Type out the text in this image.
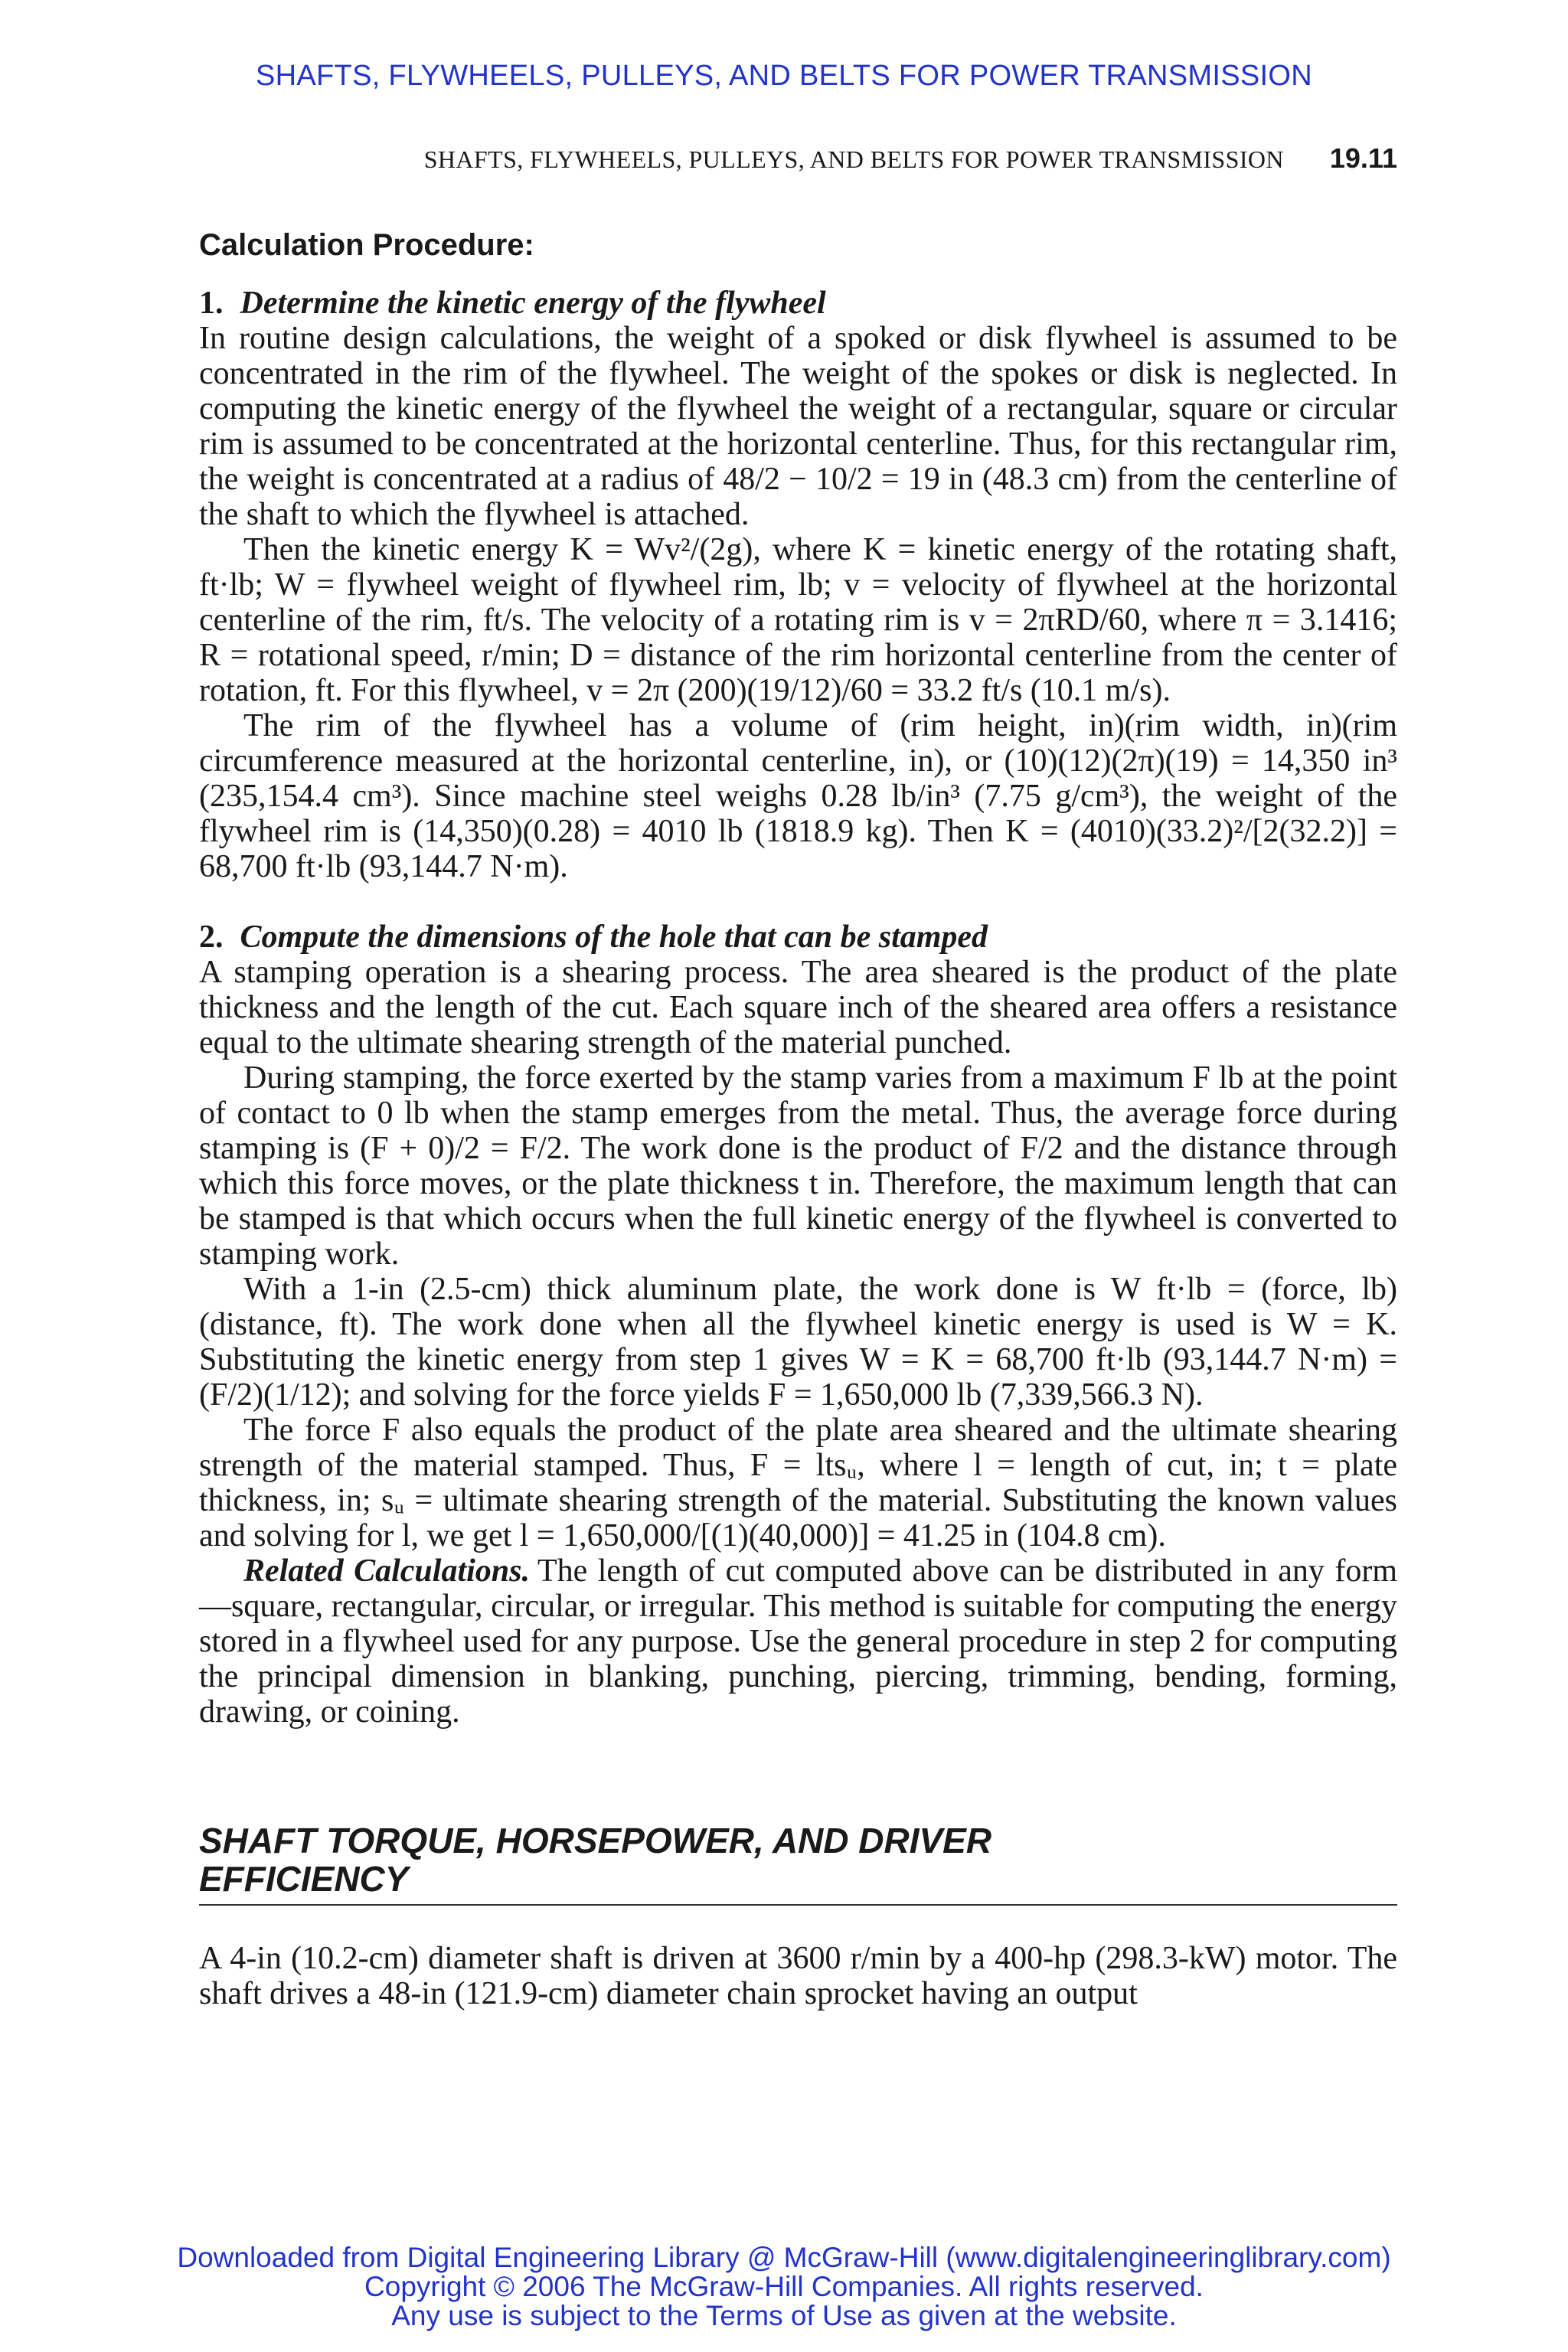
SHAFTS, FLYWHEELS, PULLEYS, AND BELTS FOR POWER TRANSMISSION
SHAFTS, FLYWHEELS, PULLEYS, AND BELTS FOR POWER TRANSMISSION 19.11
Calculation Procedure:
1. Determine the kinetic energy of the flywheel

In routine design calculations, the weight of a spoked or disk flywheel is assumed to be concentrated in the rim of the flywheel. The weight of the spokes or disk is neglected. In computing the kinetic energy of the flywheel the weight of a rectangular, square or circular rim is assumed to be concentrated at the horizontal centerline. Thus, for this rectangular rim, the weight is concentrated at a radius of 48/2 − 10/2 = 19 in (48.3 cm) from the centerline of the shaft to which the flywheel is attached.

Then the kinetic energy K = Wv²/(2g), where K = kinetic energy of the rotating shaft, ft·lb; W = flywheel weight of flywheel rim, lb; v = velocity of flywheel at the horizontal centerline of the rim, ft/s. The velocity of a rotating rim is v = 2πRD/60, where π = 3.1416; R = rotational speed, r/min; D = distance of the rim horizontal centerline from the center of rotation, ft. For this flywheel, v = 2π (200)(19/12)/60 = 33.2 ft/s (10.1 m/s).

The rim of the flywheel has a volume of (rim height, in)(rim width, in)(rim circumference measured at the horizontal centerline, in), or (10)(12)(2π)(19) = 14,350 in³ (235,154.4 cm³). Since machine steel weighs 0.28 lb/in³ (7.75 g/cm³), the weight of the flywheel rim is (14,350)(0.28) = 4010 lb (1818.9 kg). Then K = (4010)(33.2)²/[2(32.2)] = 68,700 ft·lb (93,144.7 N·m).

2. Compute the dimensions of the hole that can be stamped

A stamping operation is a shearing process. The area sheared is the product of the plate thickness and the length of the cut. Each square inch of the sheared area offers a resistance equal to the ultimate shearing strength of the material punched.

During stamping, the force exerted by the stamp varies from a maximum F lb at the point of contact to 0 lb when the stamp emerges from the metal. Thus, the average force during stamping is (F + 0)/2 = F/2. The work done is the product of F/2 and the distance through which this force moves, or the plate thickness t in. Therefore, the maximum length that can be stamped is that which occurs when the full kinetic energy of the flywheel is converted to stamping work.

With a 1-in (2.5-cm) thick aluminum plate, the work done is W ft·lb = (force, lb)(distance, ft). The work done when all the flywheel kinetic energy is used is W = K. Substituting the kinetic energy from step 1 gives W = K = 68,700 ft·lb (93,144.7 N·m) = (F/2)(1/12); and solving for the force yields F = 1,650,000 lb (7,339,566.3 N).

The force F also equals the product of the plate area sheared and the ultimate shearing strength of the material stamped. Thus, F = ltsᵤ, where l = length of cut, in; t = plate thickness, in; sᵤ = ultimate shearing strength of the material. Substituting the known values and solving for l, we get l = 1,650,000/[(1)(40,000)] = 41.25 in (104.8 cm).

Related Calculations. The length of cut computed above can be distributed in any form—square, rectangular, circular, or irregular. This method is suitable for computing the energy stored in a flywheel used for any purpose. Use the general procedure in step 2 for computing the principal dimension in blanking, punching, piercing, trimming, bending, forming, drawing, or coining.

SHAFT TORQUE, HORSEPOWER, AND DRIVER
EFFICIENCY

A 4-in (10.2-cm) diameter shaft is driven at 3600 r/min by a 400-hp (298.3-kW) motor. The shaft drives a 48-in (121.9-cm) diameter chain sprocket having an output

Downloaded from Digital Engineering Library @ McGraw-Hill (www.digitalengineeringlibrary.com)
Copyright © 2006 The McGraw-Hill Companies. All rights reserved.
Any use is subject to the Terms of Use as given at the website.
